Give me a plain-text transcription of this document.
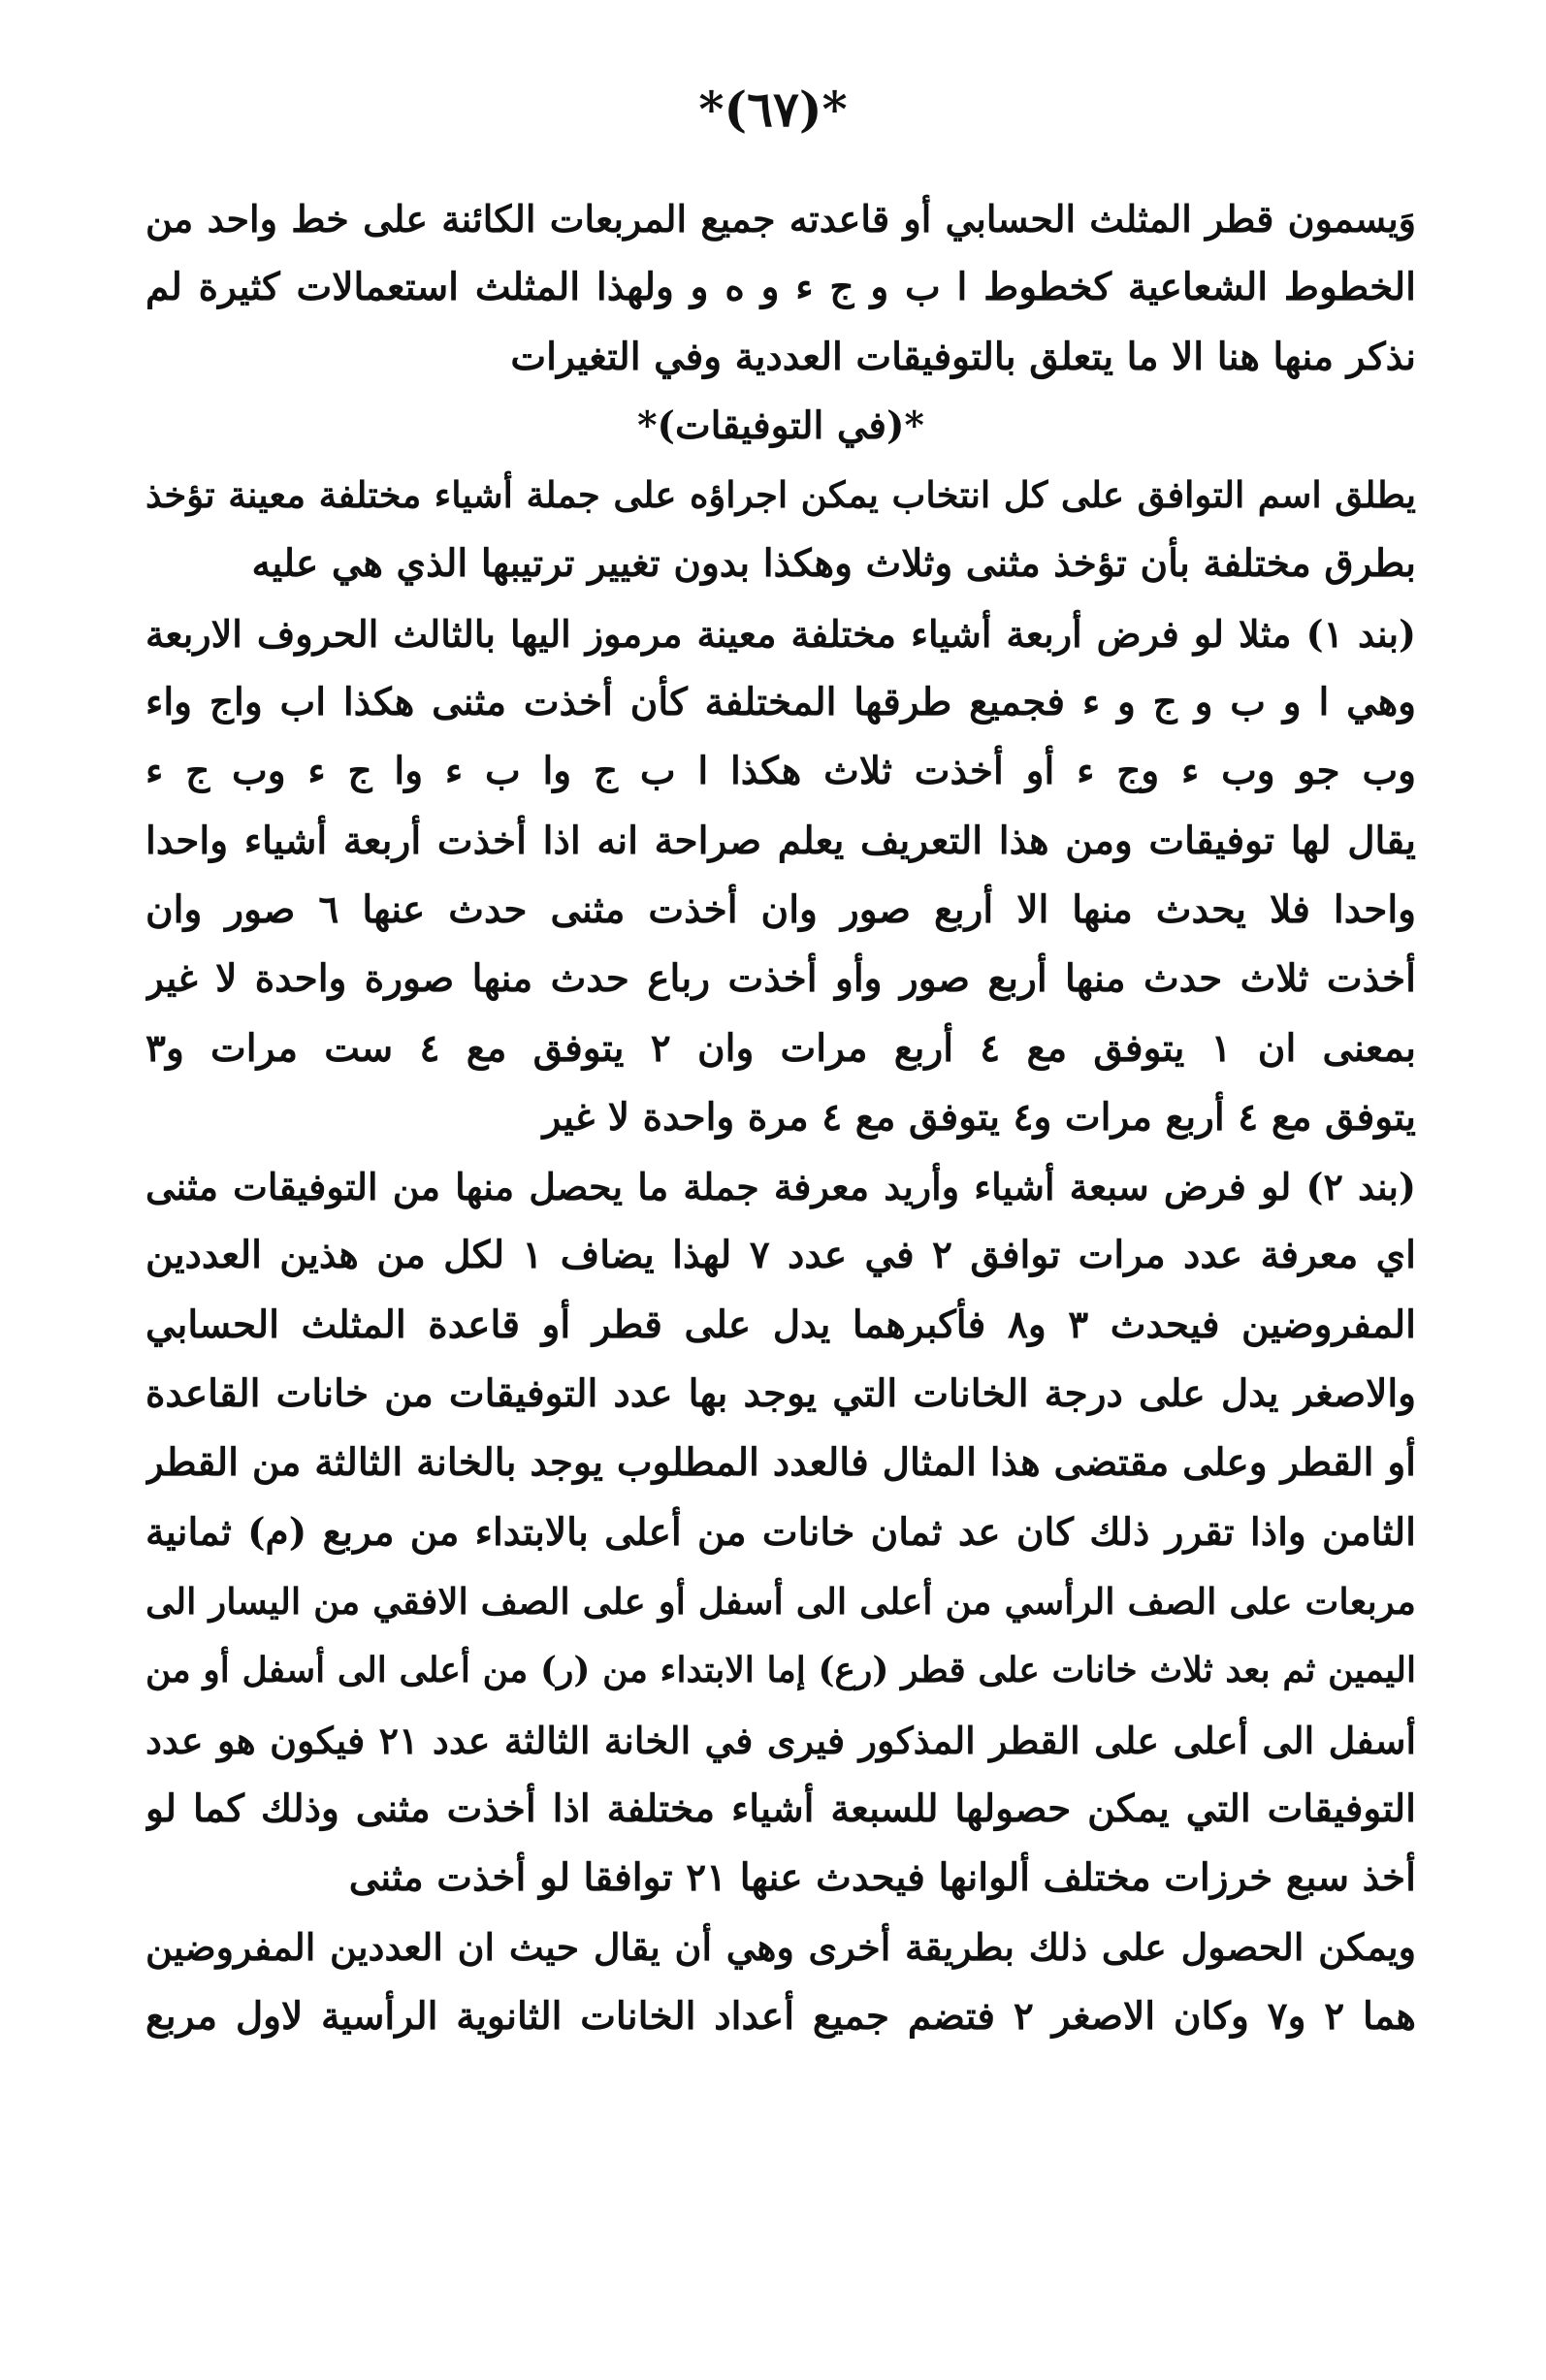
*(٦٧)*
وَيسمون قطر المثلث الحسابي أو قاعدته جميع المربعات الكائنة على خط واحد من
الخطوط الشعاعية كخطوط ا ب و ج ء و ه و ولهذا المثلث استعمالات كثيرة لم
نذكر منها هنا الا ما يتعلق بالتوفيقات العددية وفي التغيرات
*(في التوفيقات)*
يطلق اسم التوافق على كل انتخاب يمكن اجراؤه على جملة أشياء مختلفة معينة تؤخذ
بطرق مختلفة بأن تؤخذ مثنى وثلاث وهكذا بدون تغيير ترتيبها الذي هي عليه
(بند ١) مثلا لو فرض أربعة أشياء مختلفة معينة مرموز اليها بالثالث الحروف الاربعة
وهي ا و ب و ج و ء فجميع طرقها المختلفة كأن أخذت مثنى هكذا اب واج واء
وب جو وب ء وج ء أو أخذت ثلاث هكذا ا ب ج وا ب ء وا ج ء وب ج ء
يقال لها توفيقات ومن هذا التعريف يعلم صراحة انه اذا أخذت أربعة أشياء واحدا
واحدا فلا يحدث منها الا أربع صور وان أخذت مثنى حدث عنها ٦ صور وان
أخذت ثلاث حدث منها أربع صور وأو أخذت رباع حدث منها صورة واحدة لا غير
بمعنى ان ١ يتوفق مع ٤ أربع مرات وان ٢ يتوفق مع ٤ ست مرات و٣
يتوفق مع ٤ أربع مرات و٤ يتوفق مع ٤ مرة واحدة لا غير
(بند ٢) لو فرض سبعة أشياء وأريد معرفة جملة ما يحصل منها من التوفيقات مثنى
اي معرفة عدد مرات توافق ٢ في عدد ٧ لهذا يضاف ١ لكل من هذين العددين
المفروضين فيحدث ٣ و٨ فأكبرهما يدل على قطر أو قاعدة المثلث الحسابي
والاصغر يدل على درجة الخانات التي يوجد بها عدد التوفيقات من خانات القاعدة
أو القطر وعلى مقتضى هذا المثال فالعدد المطلوب يوجد بالخانة الثالثة من القطر
الثامن واذا تقرر ذلك كان عد ثمان خانات من أعلى بالابتداء من مربع (م) ثمانية
مربعات على الصف الرأسي من أعلى الى أسفل أو على الصف الافقي من اليسار الى
اليمين ثم بعد ثلاث خانات على قطر (رع) إما الابتداء من (ر) من أعلى الى أسفل أو من
أسفل الى أعلى على القطر المذكور فيرى في الخانة الثالثة عدد ٢١ فيكون هو عدد
التوفيقات التي يمكن حصولها للسبعة أشياء مختلفة اذا أخذت مثنى وذلك كما لو
أخذ سبع خرزات مختلف ألوانها فيحدث عنها ٢١ توافقا لو أخذت مثنى
ويمكن الحصول على ذلك بطريقة أخرى وهي أن يقال حيث ان العددين المفروضين
هما ٢ و٧ وكان الاصغر ٢ فتضم جميع أعداد الخانات الثانوية الرأسية لاول مربع
